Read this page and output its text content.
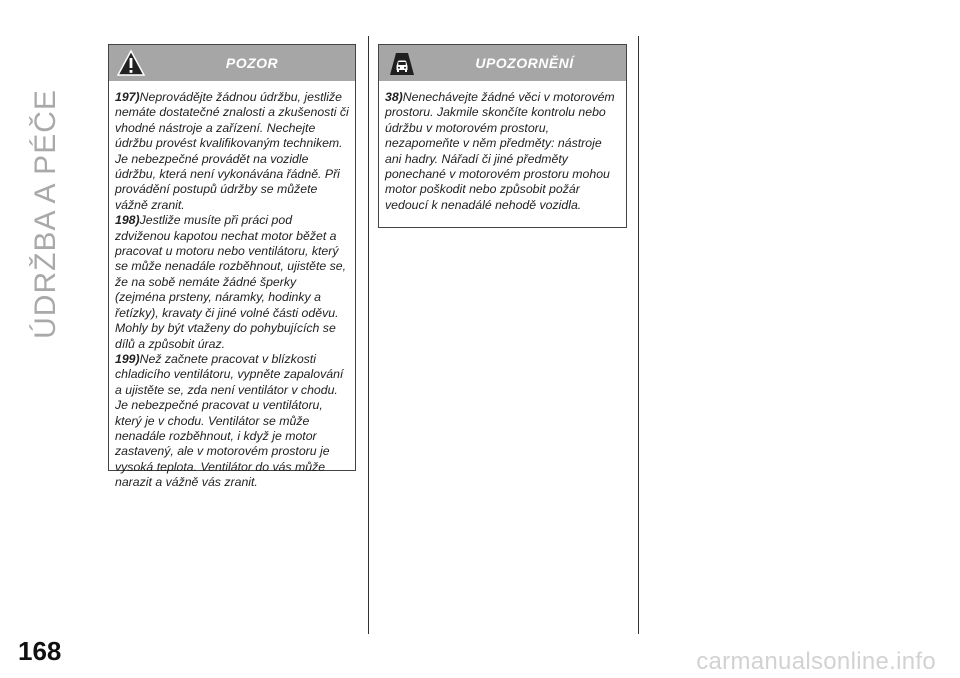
ÚDRŽBA A PÉČE
168
POZOR

197)Neprovádějte žádnou údržbu, jestliže nemáte dostatečné znalosti a zkušenosti či vhodné nástroje a zařízení. Nechejte údržbu provést kvalifikovaným technikem. Je nebezpečné provádět na vozidle údržbu, která není vykonávána řádně. Při provádění postupů údržby se můžete vážně zranit.

198)Jestliže musíte při práci pod zdviženou kapotou nechat motor běžet a pracovat u motoru nebo ventilátoru, který se může nenadále rozběhnout, ujistěte se, že na sobě nemáte žádné šperky (zejména prsteny, náramky, hodinky a řetízky), kravaty či jiné volné části oděvu. Mohly by být vtaženy do pohybujících se dílů a způsobit úraz.

199)Než začnete pracovat v blízkosti chladicího ventilátoru, vypněte zapalování a ujistěte se, zda není ventilátor v chodu. Je nebezpečné pracovat u ventilátoru, který je v chodu. Ventilátor se může nenadále rozběhnout, i když je motor zastavený, ale v motorovém prostoru je vysoká teplota. Ventilátor do vás může narazit a vážně vás zranit.

UPOZORNĚNÍ

38)Nenechávejte žádné věci v motorovém prostoru. Jakmile skončíte kontrolu nebo údržbu v motorovém prostoru, nezapomeňte v něm předměty: nástroje ani hadry. Nářadí či jiné předměty ponechané v motorovém prostoru mohou motor poškodit nebo způsobit požár vedoucí k nenadálé nehodě vozidla.

carmanualsonline.info
